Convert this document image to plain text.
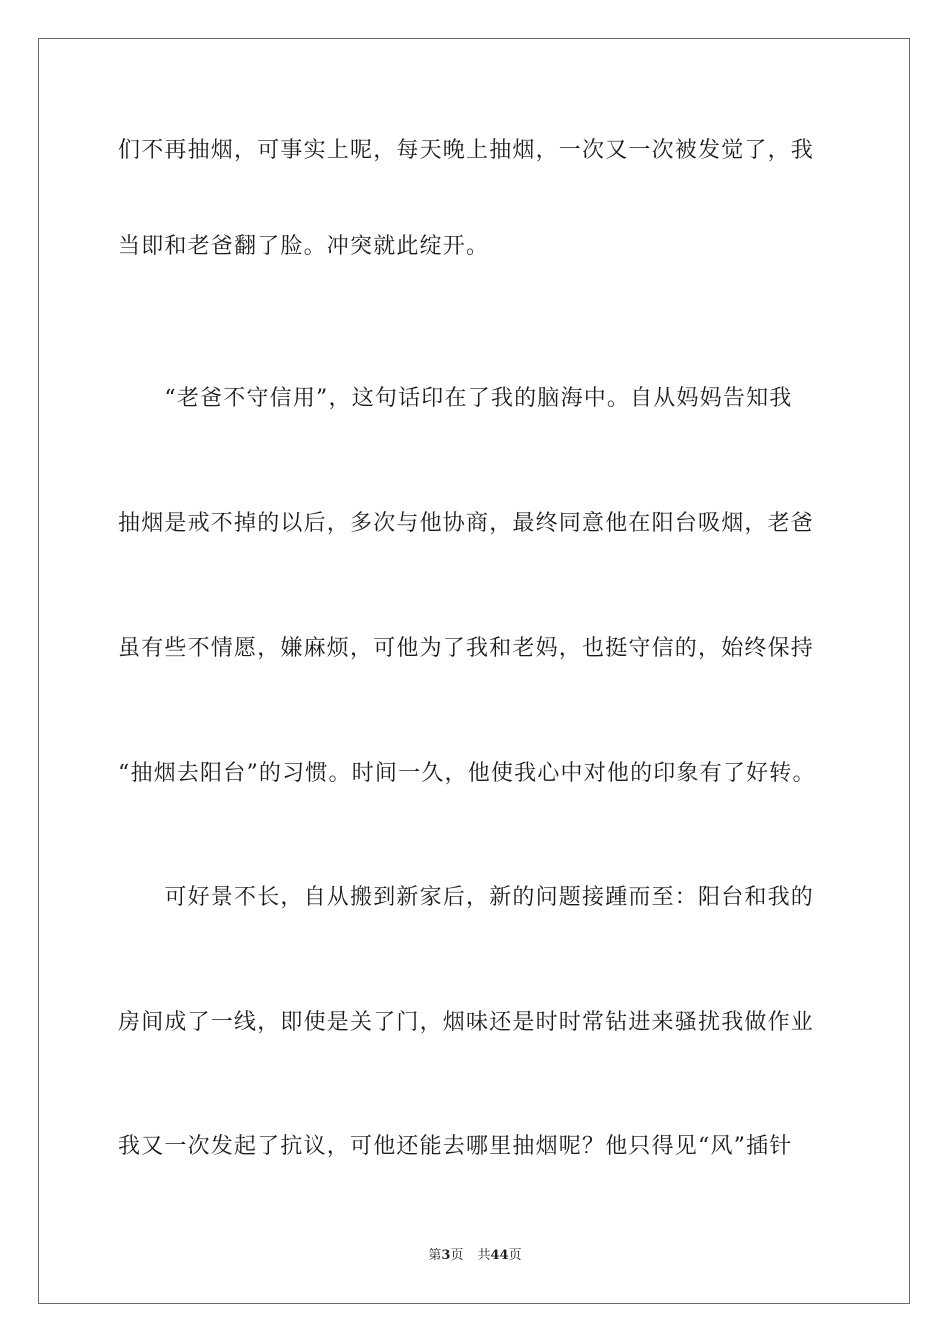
们不再抽烟，可事实上呢，每天晚上抽烟，一次又一次被发觉了，我
当即和老爸翻了脸。冲突就此绽开。
　　“老爸不守信用”，这句话印在了我的脑海中。自从妈妈告知我
抽烟是戒不掉的以后，多次与他协商，最终同意他在阳台吸烟，老爸
虽有些不情愿，嫌麻烦，可他为了我和老妈，也挺守信的，始终保持
“抽烟去阳台”的习惯。时间一久，他使我心中对他的印象有了好转。
　　可好景不长，自从搬到新家后，新的问题接踵而至：阳台和我的
房间成了一线，即使是关了门，烟味还是时时常钻进来骚扰我做作业
我又一次发起了抗议，可他还能去哪里抽烟呢？他只得见“风”插针
第3页 共44页
